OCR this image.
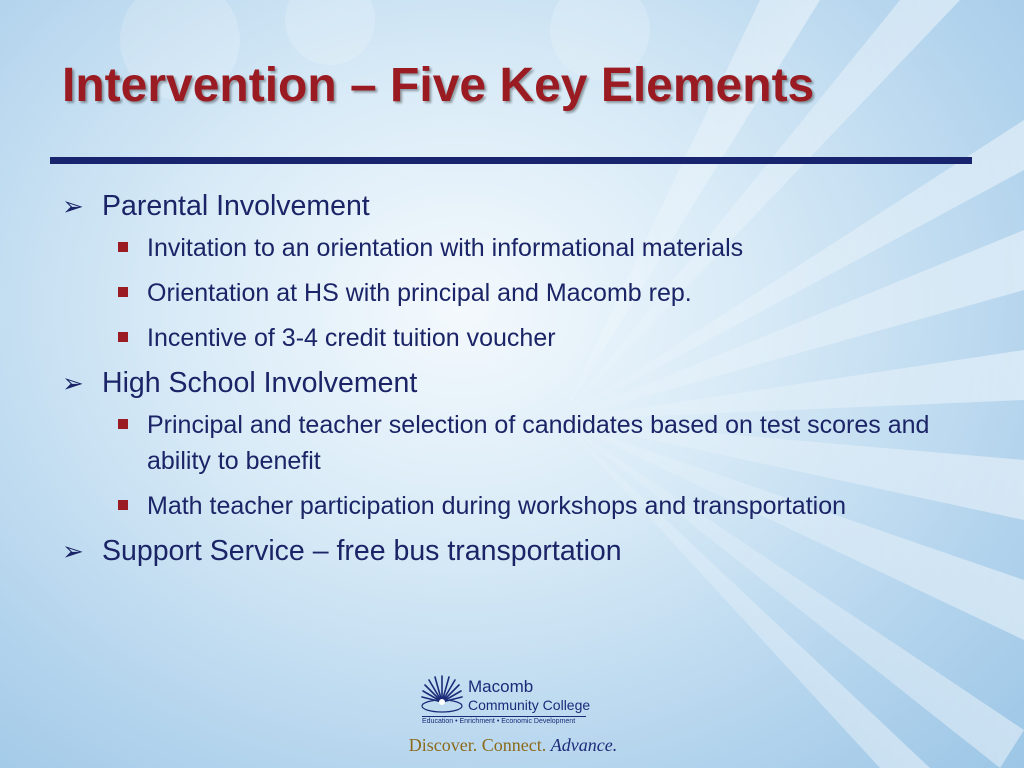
Intervention – Five Key Elements
➢ Parental Involvement
Invitation to an orientation with informational materials
Orientation at HS with principal and Macomb rep.
Incentive of 3-4 credit tuition voucher
➢ High School Involvement
Principal and teacher selection of candidates based on test scores and ability to benefit
Math teacher participation during workshops and transportation
➢ Support Service – free bus transportation
Macomb
Community College
Education • Enrichment • Economic Development
Discover. Connect. Advance.
